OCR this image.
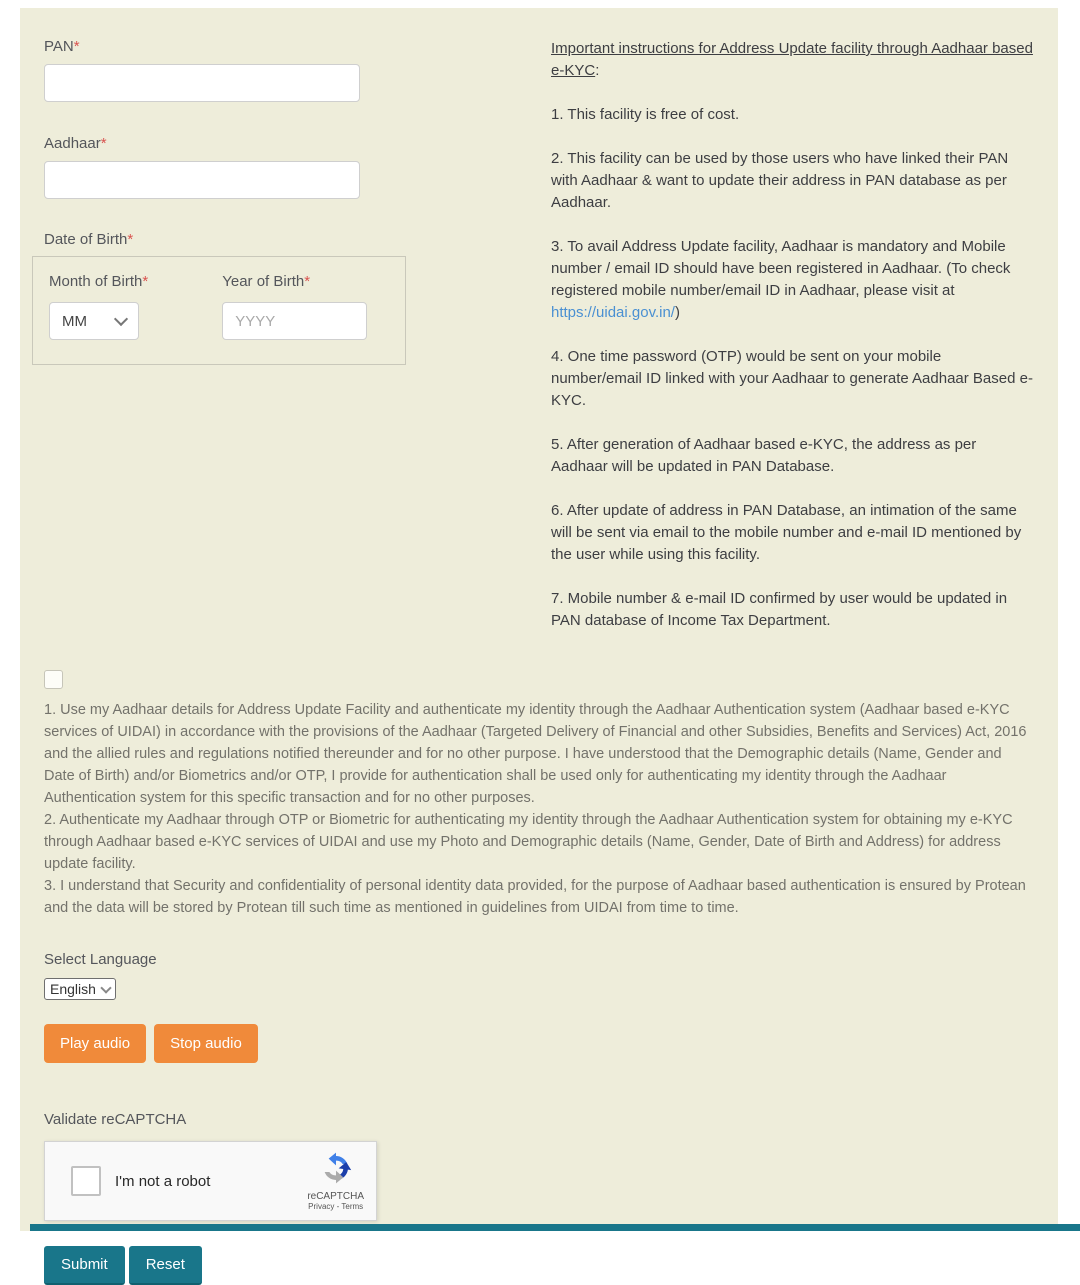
PAN*
Aadhaar*
Date of Birth*
Month of Birth*
MM
Year of Birth*
YYYY

Important instructions for Address Update facility through Aadhaar based e-KYC:

1. This facility is free of cost.

2. This facility can be used by those users who have linked their PAN with Aadhaar & want to update their address in PAN database as per Aadhaar.

3. To avail Address Update facility, Aadhaar is mandatory and Mobile number / email ID should have been registered in Aadhaar. (To check registered mobile number/email ID in Aadhaar, please visit at https://uidai.gov.in/)

4. One time password (OTP) would be sent on your mobile number/email ID linked with your Aadhaar to generate Aadhaar Based e-KYC.

5. After generation of Aadhaar based e-KYC, the address as per Aadhaar will be updated in PAN Database.

6. After update of address in PAN Database, an intimation of the same will be sent via email to the mobile number and e-mail ID mentioned by the user while using this facility.

7. Mobile number & e-mail ID confirmed by user would be updated in PAN database of Income Tax Department.

1. Use my Aadhaar details for Address Update Facility and authenticate my identity through the Aadhaar Authentication system (Aadhaar based e-KYC services of UIDAI) in accordance with the provisions of the Aadhaar (Targeted Delivery of Financial and other Subsidies, Benefits and Services) Act, 2016 and the allied rules and regulations notified thereunder and for no other purpose. I have understood that the Demographic details (Name, Gender and Date of Birth) and/or Biometrics and/or OTP, I provide for authentication shall be used only for authenticating my identity through the Aadhaar Authentication system for this specific transaction and for no other purposes.

2. Authenticate my Aadhaar through OTP or Biometric for authenticating my identity through the Aadhaar Authentication system for obtaining my e-KYC through Aadhaar based e-KYC services of UIDAI and use my Photo and Demographic details (Name, Gender, Date of Birth and Address) for address update facility.

3. I understand that Security and confidentiality of personal identity data provided, for the purpose of Aadhaar based authentication is ensured by Protean and the data will be stored by Protean till such time as mentioned in guidelines from UIDAI from time to time.

Select Language
English
Play audio	Stop audio
Validate reCAPTCHA
I'm not a robot
reCAPTCHA
Privacy - Terms
Submit	Reset
